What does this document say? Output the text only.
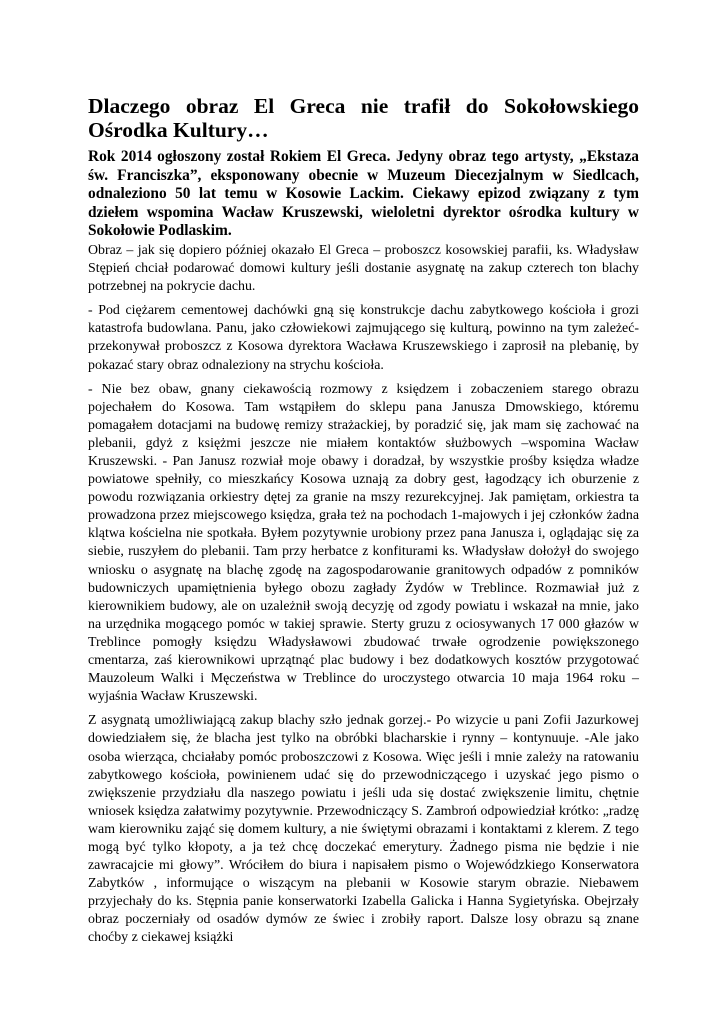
Dlaczego obraz El Greca nie trafił do Sokołowskiego Ośrodka Kultury…

Rok 2014 ogłoszony został Rokiem El Greca. Jedyny obraz tego artysty, „Ekstaza św. Franciszka”, eksponowany obecnie w Muzeum Diecezjalnym w Siedlcach, odnaleziono 50 lat temu w Kosowie Lackim. Ciekawy epizod związany z tym dziełem wspomina Wacław Kruszewski, wieloletni dyrektor ośrodka kultury w Sokołowie Podlaskim.

Obraz – jak się dopiero później okazało El Greca – proboszcz kosowskiej parafii, ks. Władysław Stępień chciał podarować domowi kultury jeśli dostanie asygnatę na zakup czterech ton blachy potrzebnej na pokrycie dachu.

- Pod ciężarem cementowej dachówki gną się konstrukcje dachu zabytkowego kościoła i grozi katastrofa budowlana. Panu, jako człowiekowi zajmującego się kulturą, powinno na tym zależeć- przekonywał proboszcz z Kosowa dyrektora Wacława Kruszewskiego i zaprosił na plebanię, by pokazać stary obraz odnaleziony na strychu kościoła.

- Nie bez obaw, gnany ciekawością rozmowy z księdzem i zobaczeniem starego obrazu pojechałem do Kosowa. Tam wstąpiłem do sklepu pana Janusza Dmowskiego, któremu pomagałem dotacjami na budowę remizy strażackiej, by poradzić się, jak mam się zachować na plebanii, gdyż z księżmi jeszcze nie miałem kontaktów służbowych –wspomina Wacław Kruszewski. - Pan Janusz rozwiał moje obawy i doradzał, by wszystkie prośby księdza władze powiatowe spełniły, co mieszkańcy Kosowa uznają za dobry gest, łagodzący ich oburzenie z powodu rozwiązania orkiestry dętej za granie na mszy rezurekcyjnej. Jak pamiętam, orkiestra ta prowadzona przez miejscowego księdza, grała też na pochodach 1-majowych i jej członków żadna klątwa kościelna nie spotkała. Byłem pozytywnie urobiony przez pana Janusza i, oglądając się za siebie, ruszyłem do plebanii. Tam przy herbatce z konfiturami ks. Władysław dołożył do swojego wniosku o asygnatę na blachę zgodę na zagospodarowanie granitowych odpadów z pomników budowniczych upamiętnienia byłego obozu zagłady Żydów w Treblince. Rozmawiał już z kierownikiem budowy, ale on uzależnił swoją decyzję od zgody powiatu i wskazał na mnie, jako na urzędnika mogącego pomóc w takiej sprawie. Sterty gruzu z ociosywanych 17 000 głazów w Treblince pomogły księdzu Władysławowi zbudować trwałe ogrodzenie powiększonego cmentarza, zaś kierownikowi uprzątnąć plac budowy i bez dodatkowych kosztów przygotować Mauzoleum Walki i Męczeństwa w Treblince do uroczystego otwarcia 10 maja 1964 roku – wyjaśnia Wacław Kruszewski.

Z asygnatą umożliwiającą zakup blachy szło jednak gorzej.- Po wizycie u pani Zofii Jazurkowej dowiedziałem się, że blacha jest tylko na obróbki blacharskie i rynny – kontynuuje. -Ale jako osoba wierząca, chciałaby pomóc proboszczowi z Kosowa. Więc jeśli i mnie zależy na ratowaniu zabytkowego kościoła, powinienem udać się do przewodniczącego i uzyskać jego pismo o zwiększenie przydziału dla naszego powiatu i jeśli uda się dostać zwiększenie limitu, chętnie wniosek księdza załatwimy pozytywnie. Przewodniczący S. Zambroń odpowiedział krótko: „radzę wam kierowniku zająć się domem kultury, a nie świętymi obrazami i kontaktami z klerem. Z tego mogą być tylko kłopoty, a ja też chcę doczekać emerytury. Żadnego pisma nie będzie i nie zawracajcie mi głowy”. Wróciłem do biura i napisałem pismo o Wojewódzkiego Konserwatora Zabytków , informujące o wiszącym na plebanii w Kosowie starym obrazie. Niebawem przyjechały do ks. Stępnia panie konserwatorki Izabella Galicka i Hanna Sygietyńska. Obejrzały obraz poczerniały od osadów dymów ze świec i zrobiły raport. Dalsze losy obrazu są znane choćby z ciekawej książki
